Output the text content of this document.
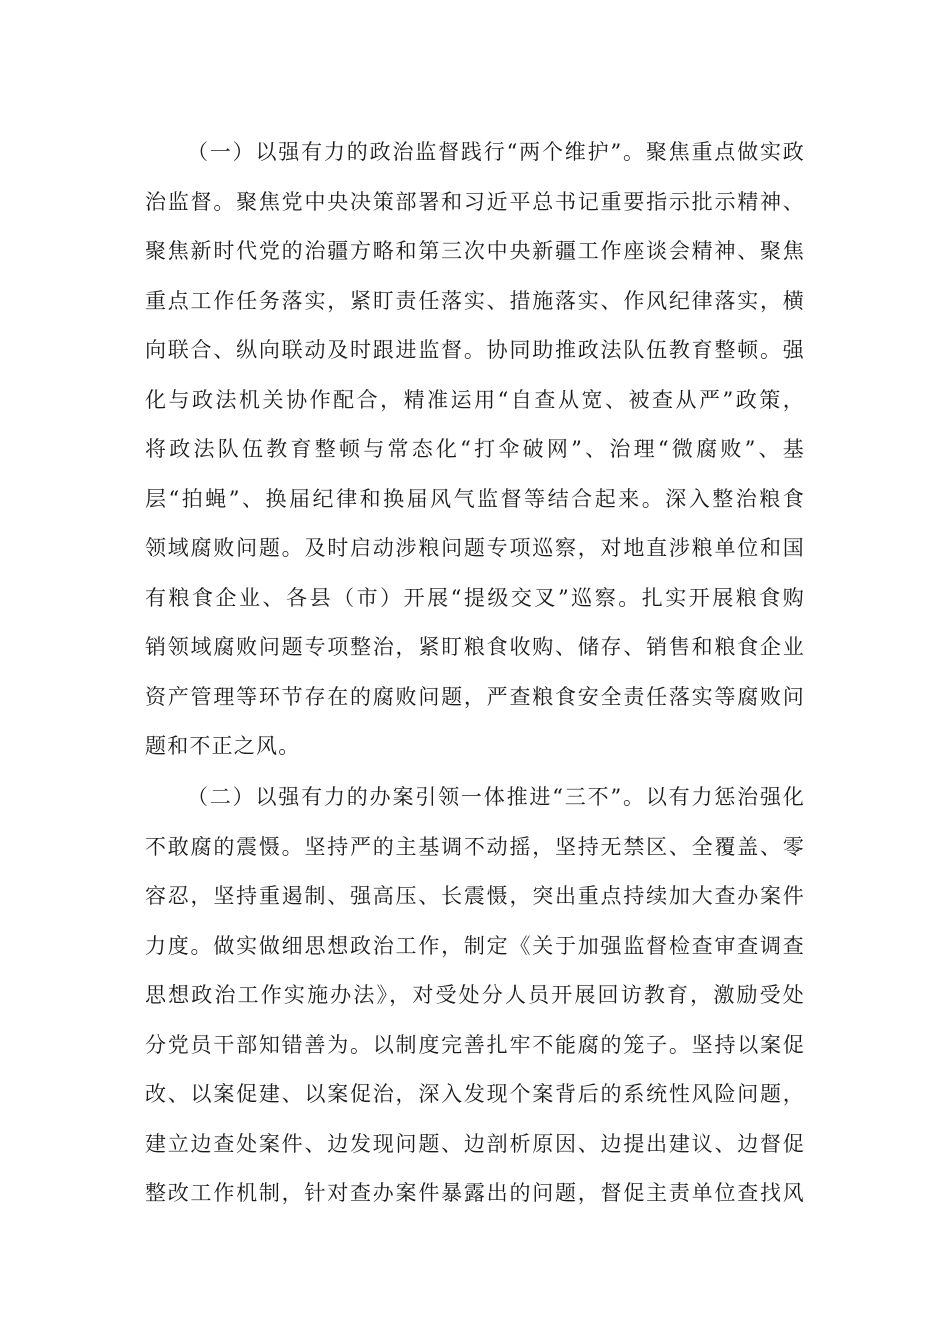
（一）以强有力的政治监督践行“两个维护”。聚焦重点做实政
治监督。聚焦党中央决策部署和习近平总书记重要指示批示精神、
聚焦新时代党的治疆方略和第三次中央新疆工作座谈会精神、聚焦
重点工作任务落实，紧盯责任落实、措施落实、作风纪律落实，横
向联合、纵向联动及时跟进监督。协同助推政法队伍教育整顿。强
化与政法机关协作配合，精准运用“自查从宽、被查从严”政策，
将政法队伍教育整顿与常态化“打伞破网”、治理“微腐败”、基
层“拍蝇”、换届纪律和换届风气监督等结合起来。深入整治粮食
领域腐败问题。及时启动涉粮问题专项巡察，对地直涉粮单位和国
有粮食企业、各县（市）开展“提级交叉”巡察。扎实开展粮食购
销领域腐败问题专项整治，紧盯粮食收购、储存、销售和粮食企业
资产管理等环节存在的腐败问题，严查粮食安全责任落实等腐败问
题和不正之风。
（二）以强有力的办案引领一体推进“三不”。以有力惩治强化
不敢腐的震慑。坚持严的主基调不动摇，坚持无禁区、全覆盖、零
容忍，坚持重遏制、强高压、长震慑，突出重点持续加大查办案件
力度。做实做细思想政治工作，制定《关于加强监督检查审查调查
思想政治工作实施办法》，对受处分人员开展回访教育，激励受处
分党员干部知错善为。以制度完善扎牢不能腐的笼子。坚持以案促
改、以案促建、以案促治，深入发现个案背后的系统性风险问题，
建立边查处案件、边发现问题、边剖析原因、边提出建议、边督促
整改工作机制，针对查办案件暴露出的问题，督促主责单位查找风
